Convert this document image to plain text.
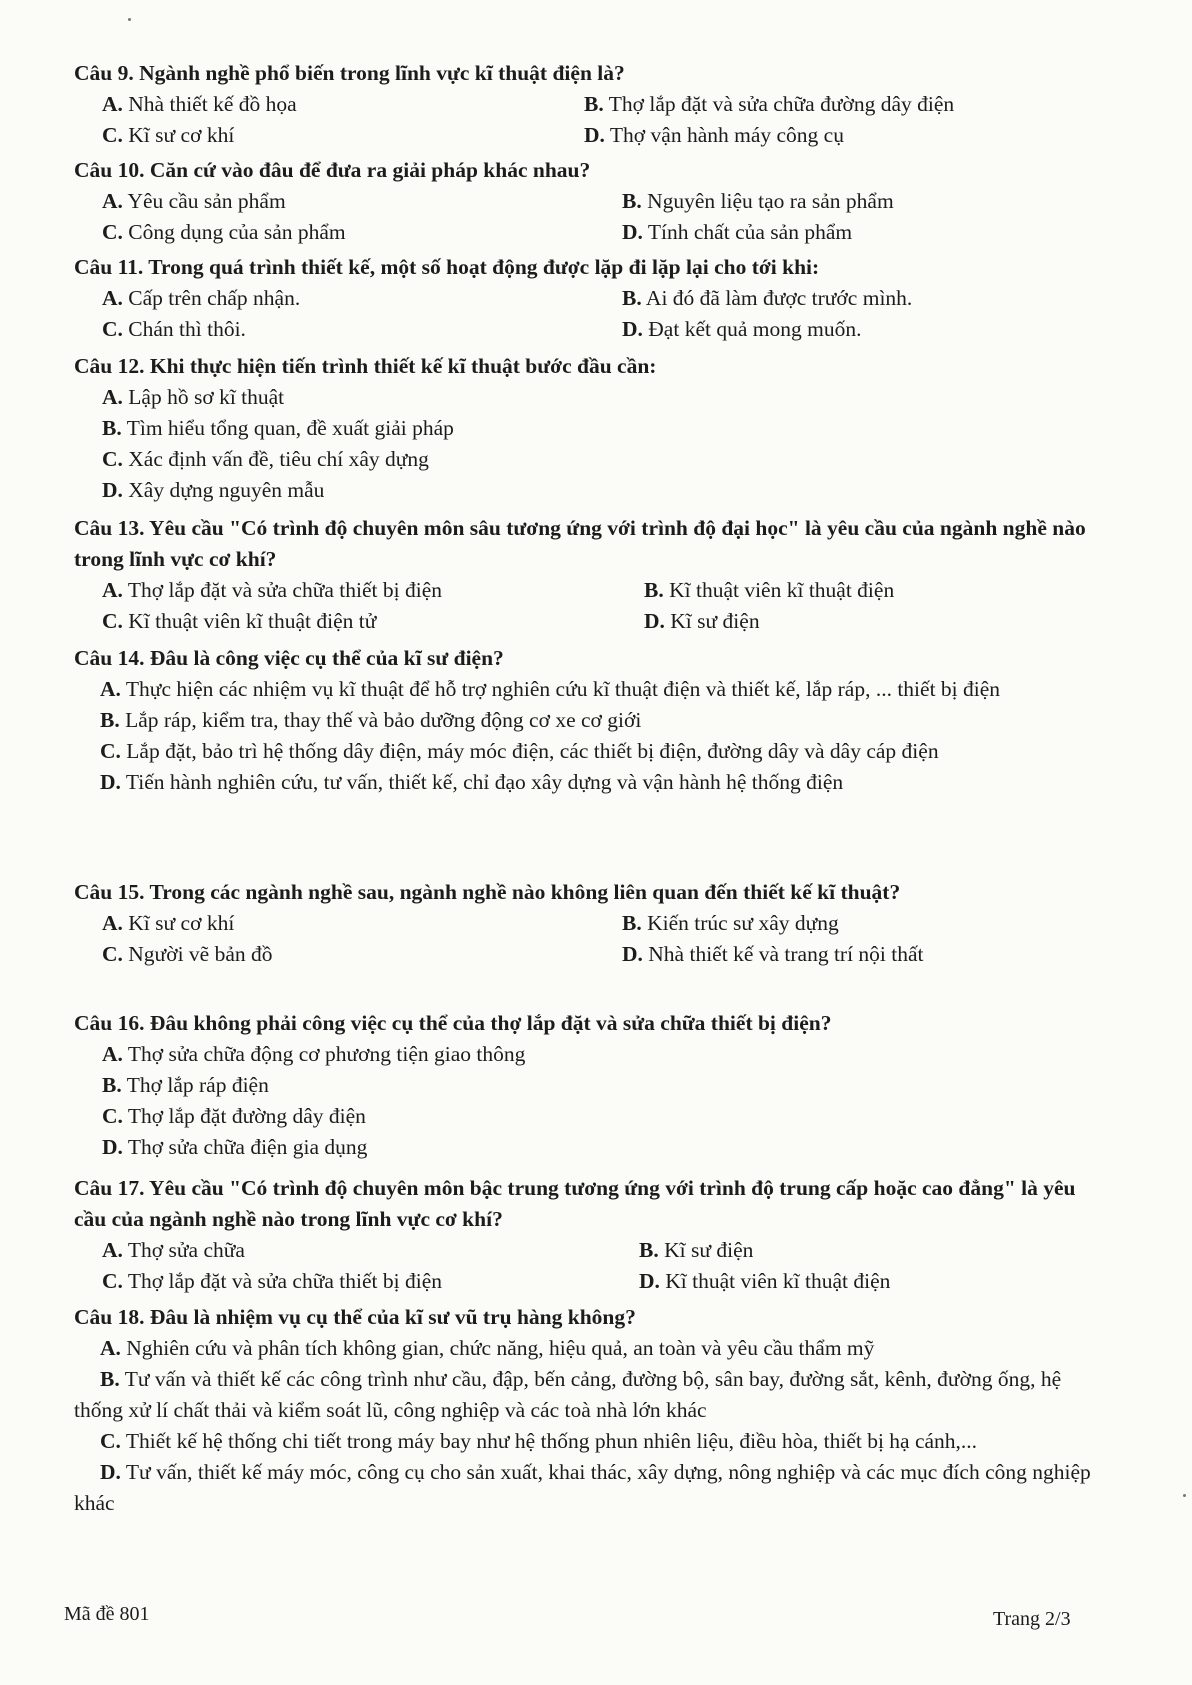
Câu 9. Ngành nghề phổ biến trong lĩnh vực kĩ thuật điện là?
A. Nhà thiết kế đồ họa	B. Thợ lắp đặt và sửa chữa đường dây điện
C. Kĩ sư cơ khí	D. Thợ vận hành máy công cụ
Câu 10. Căn cứ vào đâu để đưa ra giải pháp khác nhau?
A. Yêu cầu sản phẩm	B. Nguyên liệu tạo ra sản phẩm
C. Công dụng của sản phẩm	D. Tính chất của sản phẩm
Câu 11. Trong quá trình thiết kế, một số hoạt động được lặp đi lặp lại cho tới khi:
A. Cấp trên chấp nhận.	B. Ai đó đã làm được trước mình.
C. Chán thì thôi.	D. Đạt kết quả mong muốn.
Câu 12. Khi thực hiện tiến trình thiết kế kĩ thuật bước đầu cần:
A. Lập hồ sơ kĩ thuật
B. Tìm hiểu tổng quan, đề xuất giải pháp
C. Xác định vấn đề, tiêu chí xây dựng
D. Xây dựng nguyên mẫu
Câu 13. Yêu cầu "Có trình độ chuyên môn sâu tương ứng với trình độ đại học" là yêu cầu của ngành nghề nào trong lĩnh vực cơ khí?
A. Thợ lắp đặt và sửa chữa thiết bị điện	B. Kĩ thuật viên kĩ thuật điện
C. Kĩ thuật viên kĩ thuật điện tử	D. Kĩ sư điện
Câu 14. Đâu là công việc cụ thể của kĩ sư điện?
A. Thực hiện các nhiệm vụ kĩ thuật để hỗ trợ nghiên cứu kĩ thuật điện và thiết kế, lắp ráp, ... thiết bị điện
B. Lắp ráp, kiểm tra, thay thế và bảo dưỡng động cơ xe cơ giới
C. Lắp đặt, bảo trì hệ thống dây điện, máy móc điện, các thiết bị điện, đường dây và dây cáp điện
D. Tiến hành nghiên cứu, tư vấn, thiết kế, chỉ đạo xây dựng và vận hành hệ thống điện
Câu 15. Trong các ngành nghề sau, ngành nghề nào không liên quan đến thiết kế kĩ thuật?
A. Kĩ sư cơ khí	B. Kiến trúc sư xây dựng
C. Người vẽ bản đồ	D. Nhà thiết kế và trang trí nội thất
Câu 16. Đâu không phải công việc cụ thể của thợ lắp đặt và sửa chữa thiết bị điện?
A. Thợ sửa chữa động cơ phương tiện giao thông
B. Thợ lắp ráp điện
C. Thợ lắp đặt đường dây điện
D. Thợ sửa chữa điện gia dụng
Câu 17. Yêu cầu "Có trình độ chuyên môn bậc trung tương ứng với trình độ trung cấp hoặc cao đẳng" là yêu cầu của ngành nghề nào trong lĩnh vực cơ khí?
A. Thợ sửa chữa	B. Kĩ sư điện
C. Thợ lắp đặt và sửa chữa thiết bị điện	D. Kĩ thuật viên kĩ thuật điện
Câu 18. Đâu là nhiệm vụ cụ thể của kĩ sư vũ trụ hàng không?
A. Nghiên cứu và phân tích không gian, chức năng, hiệu quả, an toàn và yêu cầu thẩm mỹ
B. Tư vấn và thiết kế các công trình như cầu, đập, bến cảng, đường bộ, sân bay, đường sắt, kênh, đường ống, hệ thống xử lí chất thải và kiểm soát lũ, công nghiệp và các toà nhà lớn khác
C. Thiết kế hệ thống chi tiết trong máy bay như hệ thống phun nhiên liệu, điều hòa, thiết bị hạ cánh,...
D. Tư vấn, thiết kế máy móc, công cụ cho sản xuất, khai thác, xây dựng, nông nghiệp và các mục đích công nghiệp khác
Mã đề 801	Trang 2/3
